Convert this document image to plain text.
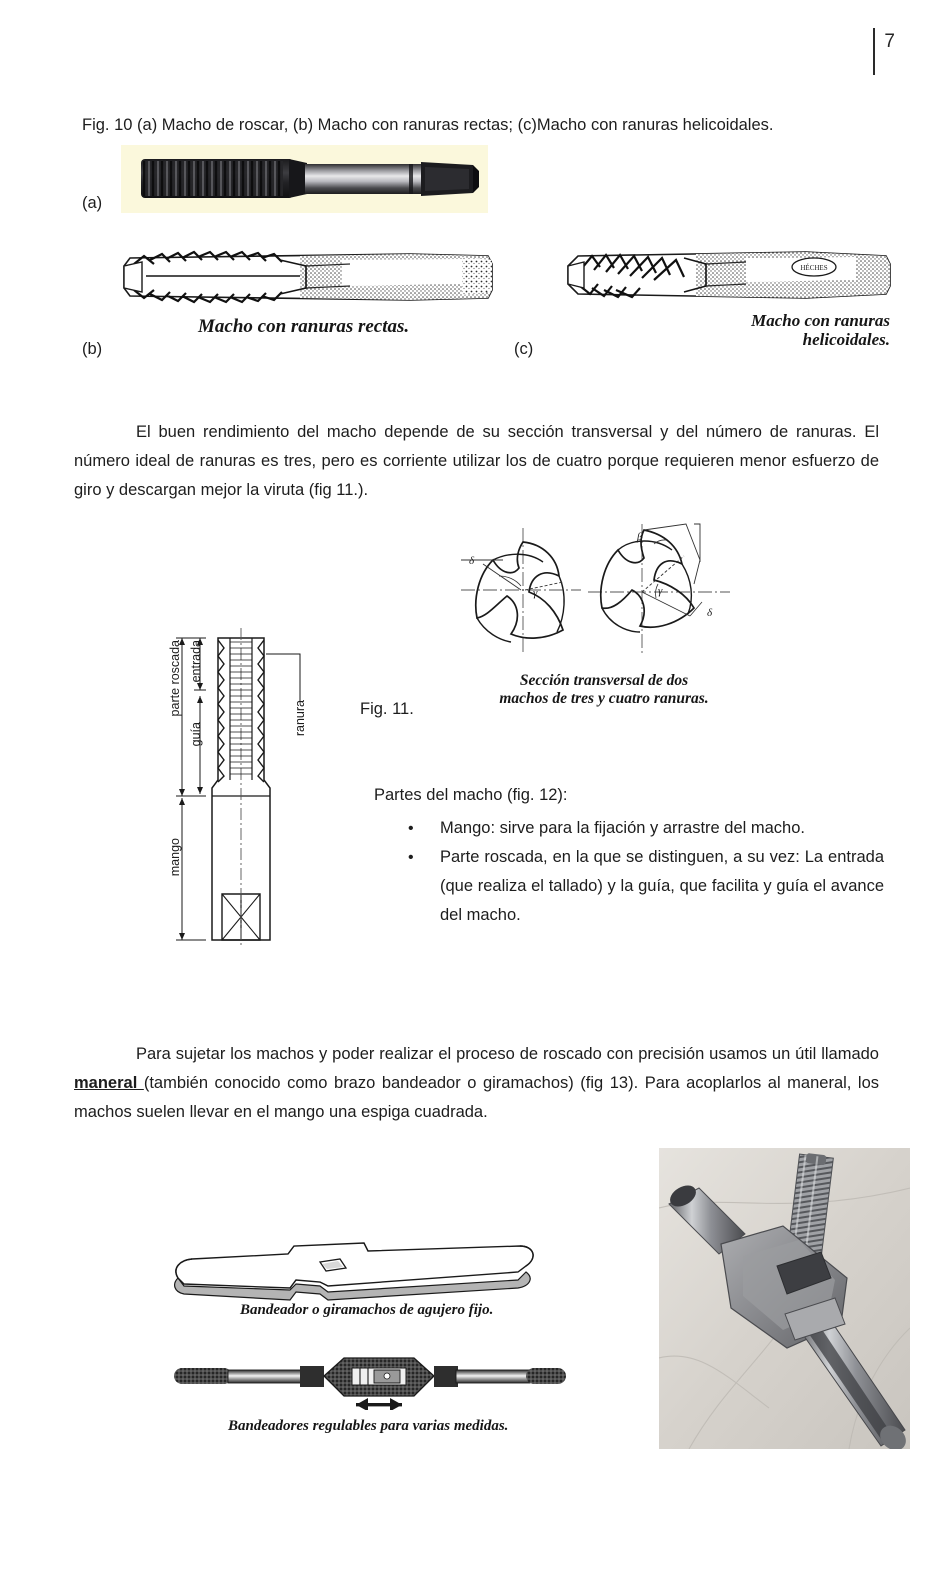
7
Fig. 10 (a) Macho de roscar, (b) Macho con ranuras rectas; (c)Macho con ranuras helicoidales.
(a)
Macho con ranuras rectas.
(b)
HÉCHES
Macho con ranuras
helicoidales.
(c)
El buen rendimiento del macho depende de su sección transversal y del número de ranuras. El número ideal de ranuras es tres, pero es corriente utilizar los de cuatro porque requieren menor esfuerzo de giro y descargan mejor la viruta (fig 11.).
δ
γ
β
γ
δ
Sección transversal de dos
machos de tres y cuatro ranuras.
Fig. 11.
parte roscada entrada
guía	ranura
mango
Partes del macho (fig. 12):
• Mango: sirve para la fijación y arrastre del macho.
• Parte roscada, en la que se distinguen, a su vez: La entrada (que realiza el tallado) y la guía, que facilita y guía el avance del macho.
Para sujetar los machos y poder realizar el proceso de roscado con precisión usamos un útil llamado maneral (también conocido como brazo bandeador o giramachos) (fig 13). Para acoplarlos al maneral, los machos suelen llevar en el mango una espiga cuadrada.
Bandeador o giramachos de agujero fijo.
Bandeadores regulables para varias medidas.
